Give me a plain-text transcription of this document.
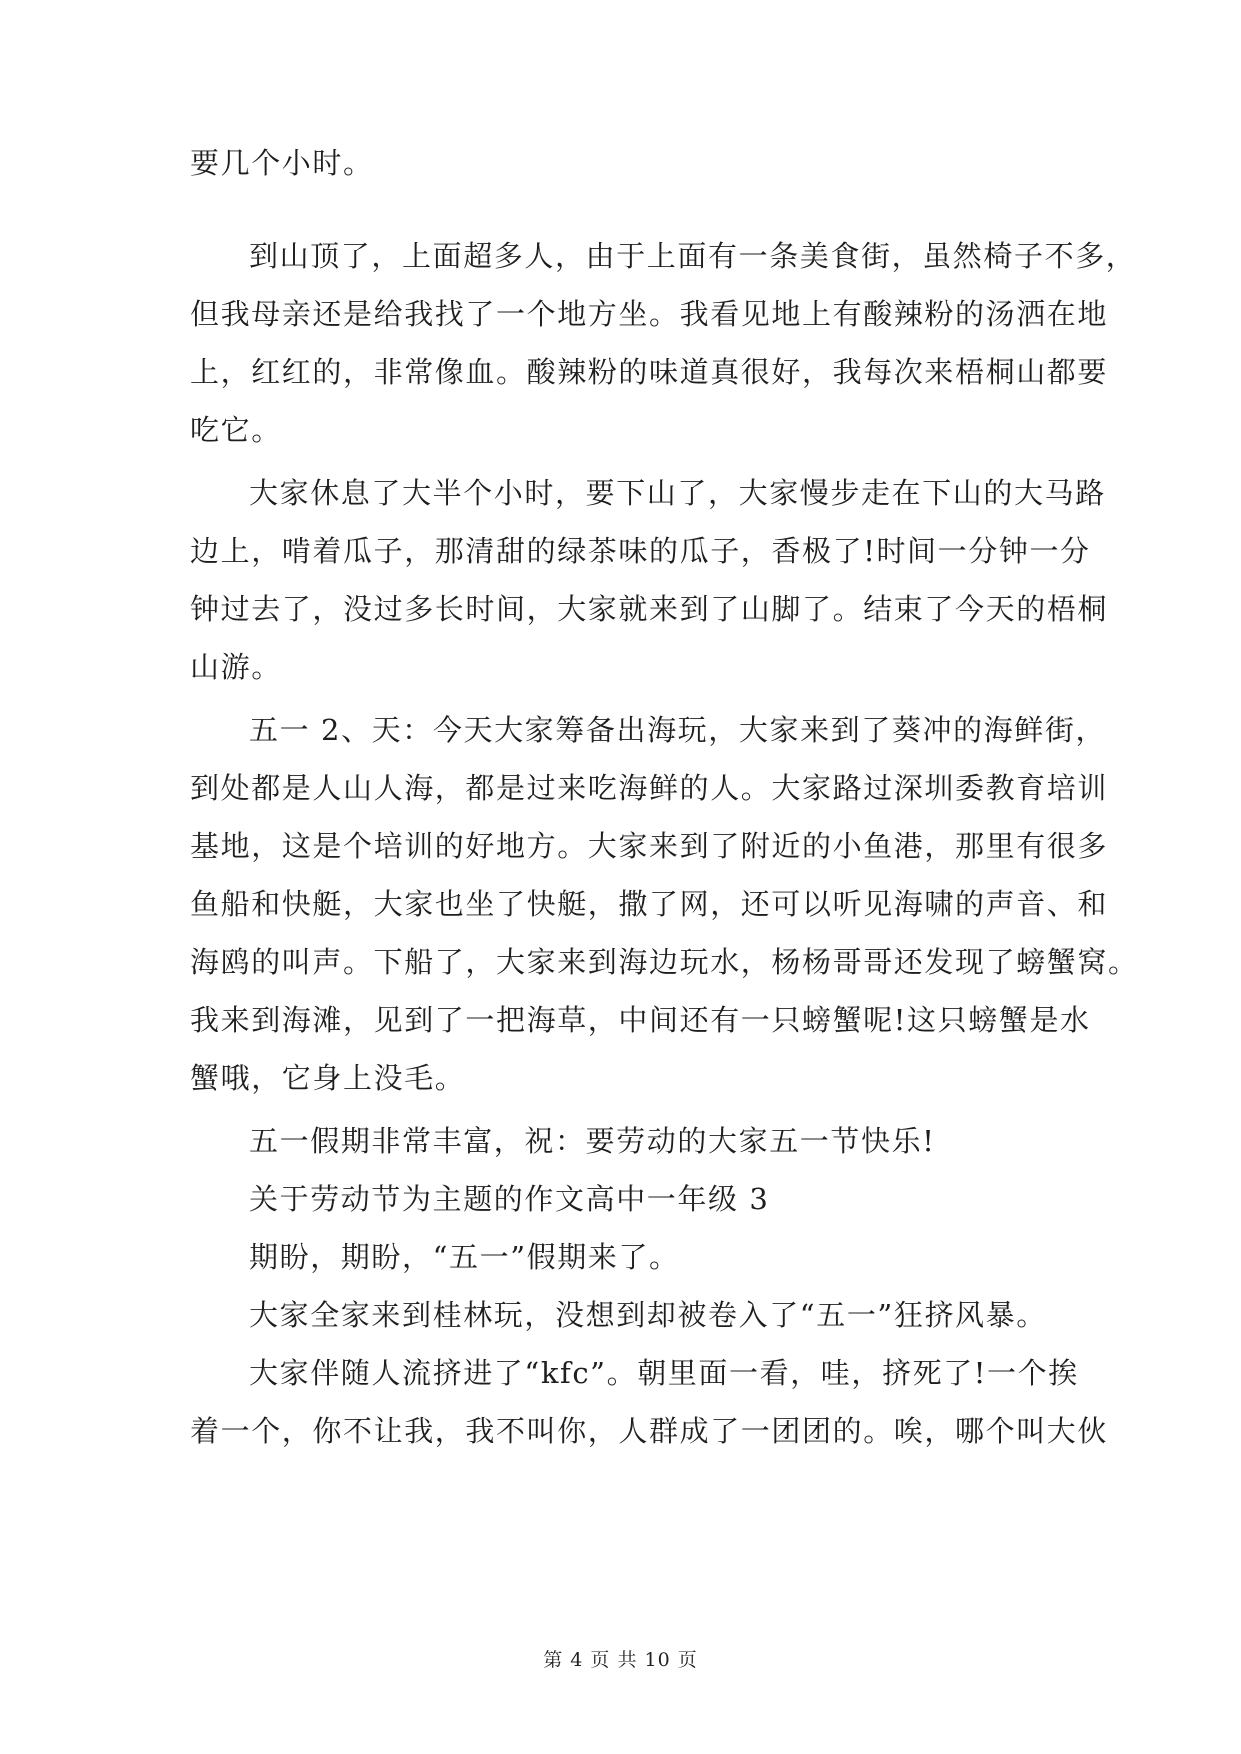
要几个小时。
到山顶了，上面超多人，由于上面有一条美食街，虽然椅子不多，
但我母亲还是给我找了一个地方坐。我看见地上有酸辣粉的汤洒在地
上，红红的，非常像血。酸辣粉的味道真很好，我每次来梧桐山都要
吃它。
大家休息了大半个小时，要下山了，大家慢步走在下山的大马路
边上，啃着瓜子，那清甜的绿茶味的瓜子，香极了!时间一分钟一分
钟过去了，没过多长时间，大家就来到了山脚了。结束了今天的梧桐
山游。
五一 2、天：今天大家筹备出海玩，大家来到了葵冲的海鲜街，
到处都是人山人海，都是过来吃海鲜的人。大家路过深圳委教育培训
基地，这是个培训的好地方。大家来到了附近的小鱼港，那里有很多
鱼船和快艇，大家也坐了快艇，撒了网，还可以听见海啸的声音、和
海鸥的叫声。下船了，大家来到海边玩水，杨杨哥哥还发现了螃蟹窝。
我来到海滩，见到了一把海草，中间还有一只螃蟹呢!这只螃蟹是水
蟹哦，它身上没毛。
五一假期非常丰富，祝：要劳动的大家五一节快乐!
关于劳动节为主题的作文高中一年级 3
期盼，期盼，“五一”假期来了。
大家全家来到桂林玩，没想到却被卷入了“五一”狂挤风暴。
大家伴随人流挤进了“kfc”。朝里面一看，哇，挤死了!一个挨
着一个，你不让我，我不叫你，人群成了一团团的。唉，哪个叫大伙
第 4 页 共 10 页
